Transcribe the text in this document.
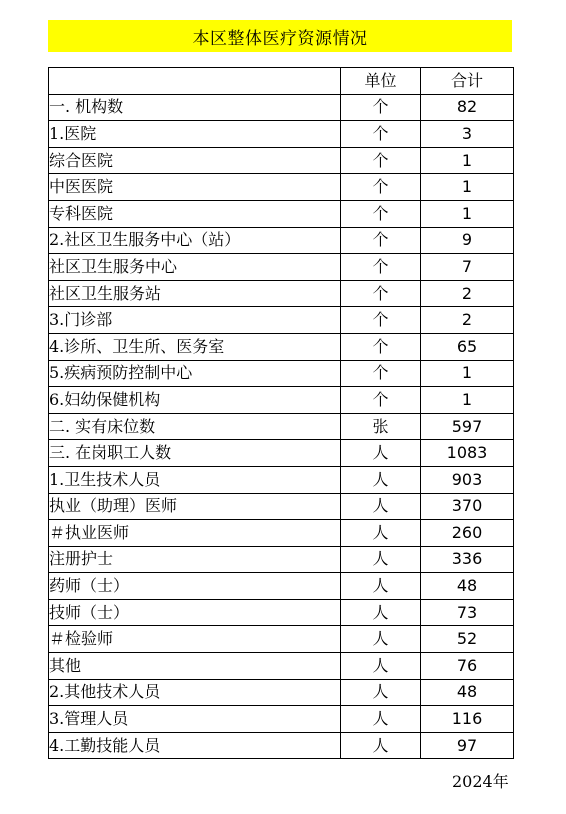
本区整体医疗资源情况
	单位	合计
一. 机构数	个	82
1.医院	个	3
综合医院	个	1
中医医院	个	1
专科医院	个	1
2.社区卫生服务中心（站）	个	9
社区卫生服务中心	个	7
社区卫生服务站	个	2
3.门诊部	个	2
4.诊所、卫生所、医务室	个	65
5.疾病预防控制中心	个	1
6.妇幼保健机构	个	1
二. 实有床位数	张	597
三. 在岗职工人数	人	1083
1.卫生技术人员	人	903
执业（助理）医师	人	370
＃执业医师	人	260
注册护士	人	336
药师（士）	人	48
技师（士）	人	73
＃检验师	人	52
其他	人	76
2.其他技术人员	人	48
3.管理人员	人	116
4.工勤技能人员	人	97
2024年
